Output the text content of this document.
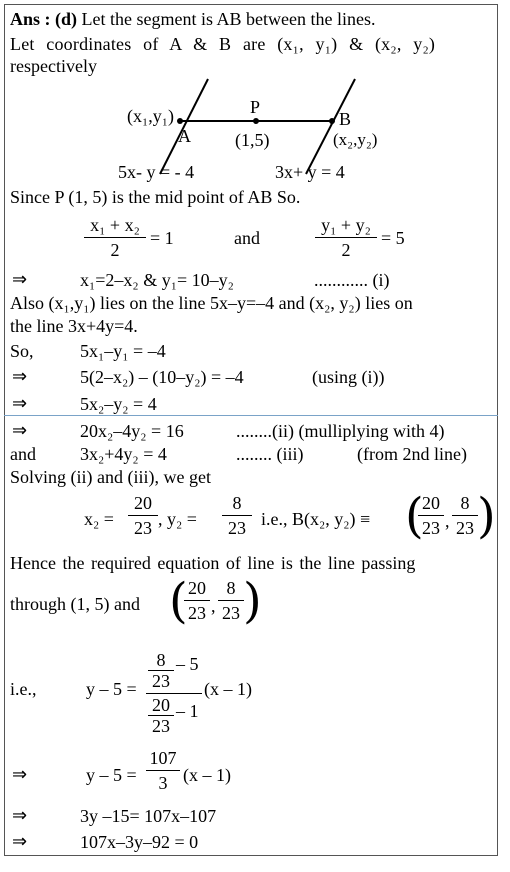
Ans : (d) Let the segment is AB between the lines.
Let coordinates of A & B are (x₁, y₁) & (x₂, y₂)
respectively
(x₁,y₁)
A
P
(1,5)
B
(x₂,y₂)
5x- y = - 4	3x+ y = 4
Since P (1, 5) is the mid point of AB So.
x₁ + x₂
2
= 1	and
y₁ + y₂
2
= 5
⇒	x₁=2–x₂ & y₁= 10–y₂	............ (i)
Also (x₁,y₁) lies on the line 5x–y=–4 and (x₂, y₂) lies on
the line 3x+4y=4.
So,	5x₁–y₁ = –4
⇒	5(2–x₂) – (10–y₂) = –4	(using (i))
⇒	5x₂–y₂ = 4
⇒	20x₂–4y₂ = 16	........(ii) (mulliplying with 4)
and 3x₂+4y₂ = 4	........ (iii)	(from 2nd line)
Solving (ii) and (iii), we get
x₂ =
20
23 , y₂ =
8
23 i.e., B(x₂, y₂) ≡ (
20
23 ,
8
23 )
Hence the required equation of line is the line passing
through (1, 5) and ( 20
23 ,
8
23 )
i.e.,	y – 5 =
8
23
– 5
20
23
– 1
(x – 1)
⇒	y – 5 =
107
3 (x – 1)
⇒	3y –15= 107x–107
⇒	107x–3y–92 = 0
